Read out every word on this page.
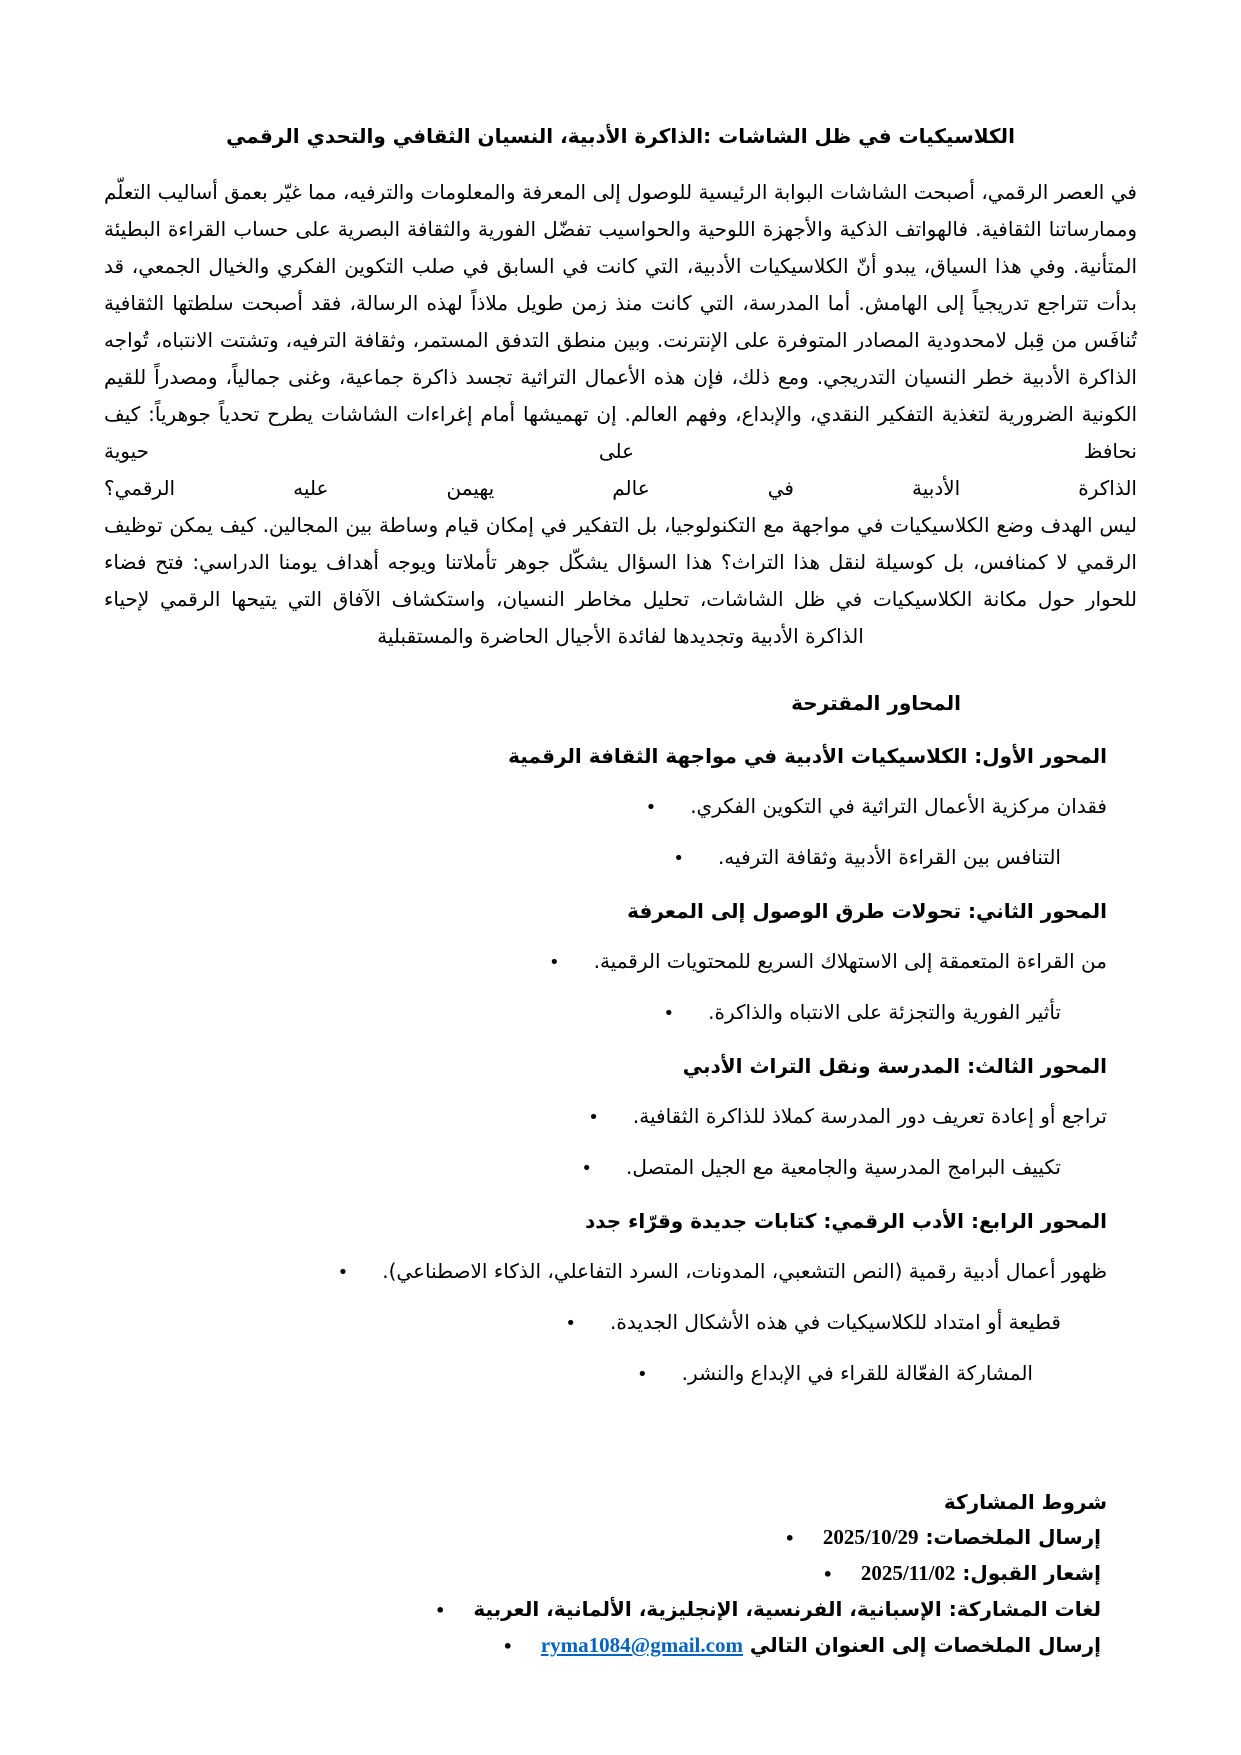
الكلاسيكيات في ظل الشاشات :الذاكرة الأدبية، النسيان الثقافي والتحدي الرقمي

في العصر الرقمي، أصبحت الشاشات البوابة الرئيسية للوصول إلى المعرفة والمعلومات والترفيه، مما غيّر بعمق أساليب التعلّم وممارساتنا الثقافية. فالهواتف الذكية والأجهزة اللوحية والحواسيب تفضّل الفورية والثقافة البصرية على حساب القراءة البطيئة المتأنية. وفي هذا السياق، يبدو أنّ الكلاسيكيات الأدبية، التي كانت في السابق في صلب التكوين الفكري والخيال الجمعي، قد بدأت تتراجع تدريجياً إلى الهامش. أما المدرسة، التي كانت منذ زمن طويل ملاذاً لهذه الرسالة، فقد أصبحت سلطتها الثقافية تُنافَس من قِبل لامحدودية المصادر المتوفرة على الإنترنت. وبين منطق التدفق المستمر، وثقافة الترفيه، وتشتت الانتباه، تُواجه الذاكرة الأدبية خطر النسيان التدريجي. ومع ذلك، فإن هذه الأعمال التراثية تجسد ذاكرة جماعية، وغنى جمالياً، ومصدراً للقيم الكونية الضرورية لتغذية التفكير النقدي، والإبداع، وفهم العالم. إن تهميشها أمام إغراءات الشاشات يطرح تحدياً جوهرياً: كيف نحافظ على حيوية

الذاكرة الأدبية في عالم يهيمن عليه الرقمي؟

ليس الهدف وضع الكلاسيكيات في مواجهة مع التكنولوجيا، بل التفكير في إمكان قيام وساطة بين المجالين. كيف يمكن توظيف الرقمي لا كمنافس، بل كوسيلة لنقل هذا التراث؟ هذا السؤال يشكّل جوهر تأملاتنا ويوجه أهداف يومنا الدراسي: فتح فضاء للحوار حول مكانة الكلاسيكيات في ظل الشاشات، تحليل مخاطر النسيان، واستكشاف الآفاق التي يتيحها الرقمي لإحياء الذاكرة الأدبية وتجديدها لفائدة الأجيال الحاضرة والمستقبلية

المحاور المقترحة
المحور الأول: الكلاسيكيات الأدبية في مواجهة الثقافة الرقمية
• فقدان مركزية الأعمال التراثية في التكوين الفكري.
• التنافس بين القراءة الأدبية وثقافة الترفيه.
المحور الثاني: تحولات طرق الوصول إلى المعرفة
• من القراءة المتعمقة إلى الاستهلاك السريع للمحتويات الرقمية.
• تأثير الفورية والتجزئة على الانتباه والذاكرة.
المحور الثالث: المدرسة ونقل التراث الأدبي
• تراجع أو إعادة تعريف دور المدرسة كملاذ للذاكرة الثقافية.
• تكييف البرامج المدرسية والجامعية مع الجيل المتصل.
المحور الرابع: الأدب الرقمي: كتابات جديدة وقرّاء جدد
• ظهور أعمال أدبية رقمية (النص التشعبي، المدونات، السرد التفاعلي، الذكاء الاصطناعي).
• قطيعة أو امتداد للكلاسيكيات في هذه الأشكال الجديدة.
• المشاركة الفعّالة للقراء في الإبداع والنشر.
شروط المشاركة
•	إرسال الملخصات: 2025/10/29
•	إشعار القبول: 2025/11/02
• لغات المشاركة: الإسبانية، الفرنسية، الإنجليزية، الألمانية، العربية
•	إرسال الملخصات إلى العنوان التالي ryma1084@gmail.com
